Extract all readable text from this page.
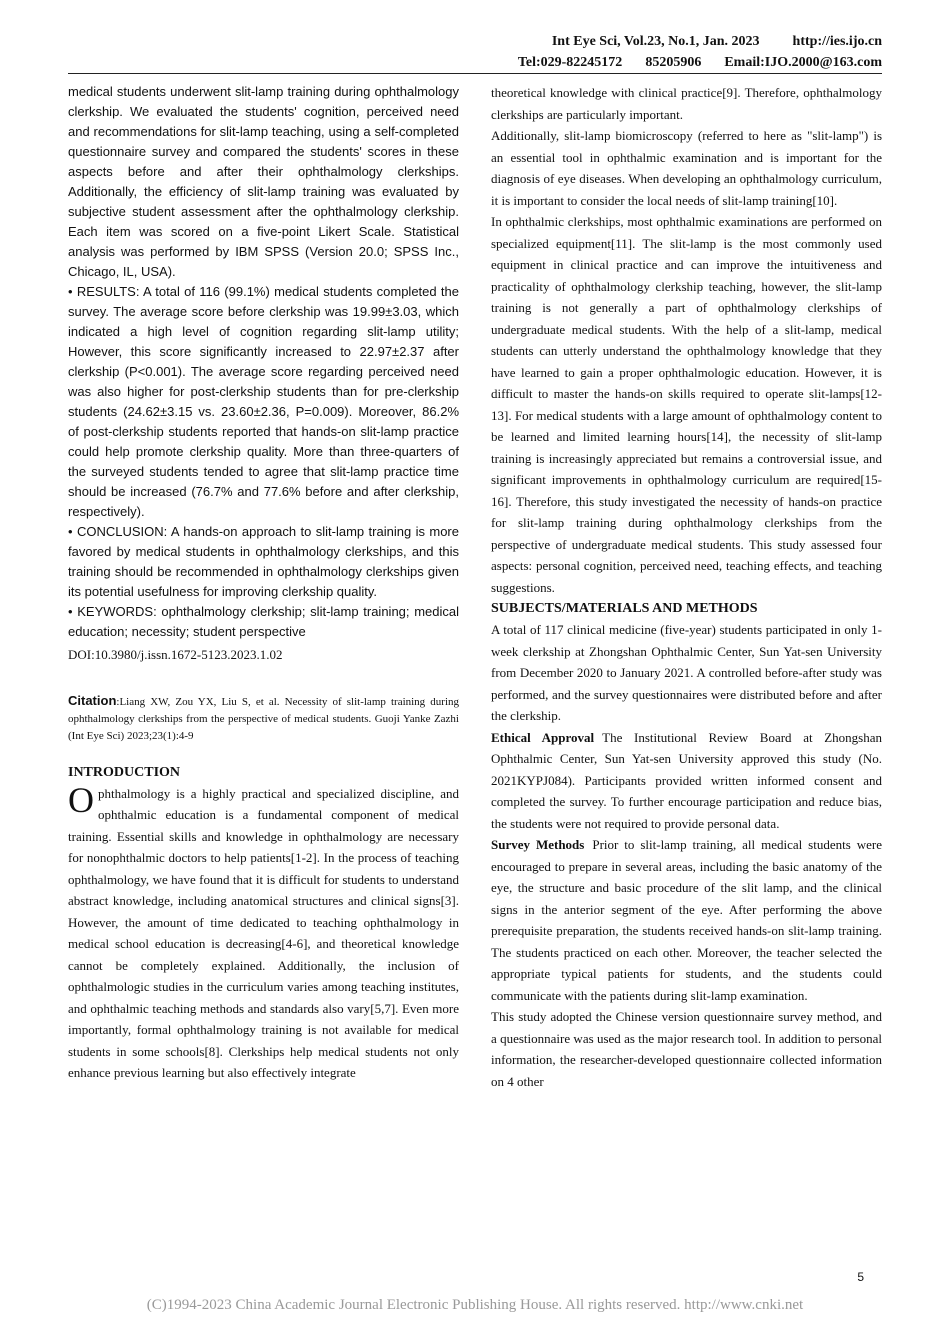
Int Eye Sci, Vol.23, No.1, Jan. 2023 http://ies.ijo.cn
Tel:029-82245172 85205906 Email:IJO.2000@163.com

medical students underwent slit-lamp training during ophthalmology clerkship. We evaluated the students' cognition, perceived need and recommendations for slit-lamp teaching, using a self-completed questionnaire survey and compared the students' scores in these aspects before and after their ophthalmology clerkships. Additionally, the efficiency of slit-lamp training was evaluated by subjective student assessment after the ophthalmology clerkship. Each item was scored on a five-point Likert Scale. Statistical analysis was performed by IBM SPSS (Version 20.0; SPSS Inc., Chicago, IL, USA).

• RESULTS: A total of 116 (99.1%) medical students completed the survey. The average score before clerkship was 19.99±3.03, which indicated a high level of cognition regarding slit-lamp utility; However, this score significantly increased to 22.97±2.37 after clerkship (P<0.001). The average score regarding perceived need was also higher for post-clerkship students than for pre-clerkship students (24.62±3.15 vs. 23.60±2.36, P=0.009). Moreover, 86.2% of post-clerkship students reported that hands-on slit-lamp practice could help promote clerkship quality. More than three-quarters of the surveyed students tended to agree that slit-lamp practice time should be increased (76.7% and 77.6% before and after clerkship, respectively).

• CONCLUSION: A hands-on approach to slit-lamp training is more favored by medical students in ophthalmology clerkships, and this training should be recommended in ophthalmology clerkships given its potential usefulness for improving clerkship quality.

• KEYWORDS: ophthalmology clerkship; slit-lamp training; medical education; necessity; student perspective

DOI:10.3980/j.issn.1672-5123.2023.1.02

Citation:Liang XW, Zou YX, Liu S, et al. Necessity of slit-lamp training during ophthalmology clerkships from the perspective of medical students. Guoji Yanke Zazhi (Int Eye Sci) 2023;23(1):4-9
INTRODUCTION

Ophthalmology is a highly practical and specialized discipline, and ophthalmic education is a fundamental component of medical training. Essential skills and knowledge in ophthalmology are necessary for nonophthalmic doctors to help patients[1-2]. In the process of teaching ophthalmology, we have found that it is difficult for students to understand abstract knowledge, including anatomical structures and clinical signs[3]. However, the amount of time dedicated to teaching ophthalmology in medical school education is decreasing[4-6], and theoretical knowledge cannot be completely explained. Additionally, the inclusion of ophthalmologic studies in the curriculum varies among teaching institutes, and ophthalmic teaching methods and standards also vary[5,7]. Even more importantly, formal ophthalmology training is not available for medical students in some schools[8]. Clerkships help medical students not only enhance previous learning but also effectively integrate

theoretical knowledge with clinical practice[9]. Therefore, ophthalmology clerkships are particularly important.

Additionally, slit-lamp biomicroscopy (referred to here as "slit-lamp") is an essential tool in ophthalmic examination and is important for the diagnosis of eye diseases. When developing an ophthalmology curriculum, it is important to consider the local needs of slit-lamp training[10].

In ophthalmic clerkships, most ophthalmic examinations are performed on specialized equipment[11]. The slit-lamp is the most commonly used equipment in clinical practice and can improve the intuitiveness and practicality of ophthalmology clerkship teaching, however, the slit-lamp training is not generally a part of ophthalmology clerkships of undergraduate medical students. With the help of a slit-lamp, medical students can utterly understand the ophthalmology knowledge that they have learned to gain a proper ophthalmologic education. However, it is difficult to master the hands-on skills required to operate slit-lamps[12-13]. For medical students with a large amount of ophthalmology content to be learned and limited learning hours[14], the necessity of slit-lamp training is increasingly appreciated but remains a controversial issue, and significant improvements in ophthalmology curriculum are required[15-16]. Therefore, this study investigated the necessity of hands-on practice for slit-lamp training during ophthalmology clerkships from the perspective of undergraduate medical students. This study assessed four aspects: personal cognition, perceived need, teaching effects, and teaching suggestions.

SUBJECTS/MATERIALS AND METHODS

A total of 117 clinical medicine (five-year) students participated in only 1-week clerkship at Zhongshan Ophthalmic Center, Sun Yat-sen University from December 2020 to January 2021. A controlled before-after study was performed, and the survey questionnaires were distributed before and after the clerkship.

Ethical Approval The Institutional Review Board at Zhongshan Ophthalmic Center, Sun Yat-sen University approved this study (No. 2021KYPJ084). Participants provided written informed consent and completed the survey. To further encourage participation and reduce bias, the students were not required to provide personal data.

Survey Methods Prior to slit-lamp training, all medical students were encouraged to prepare in several areas, including the basic anatomy of the eye, the structure and basic procedure of the slit lamp, and the clinical signs in the anterior segment of the eye. After performing the above prerequisite preparation, the students received hands-on slit-lamp training. The students practiced on each other. Moreover, the teacher selected the appropriate typical patients for students, and the students could communicate with the patients during slit-lamp examination.

This study adopted the Chinese version questionnaire survey method, and a questionnaire was used as the major research tool. In addition to personal information, the researcher-developed questionnaire collected information on 4 other

5
(C)1994-2023 China Academic Journal Electronic Publishing House. All rights reserved. http://www.cnki.net
